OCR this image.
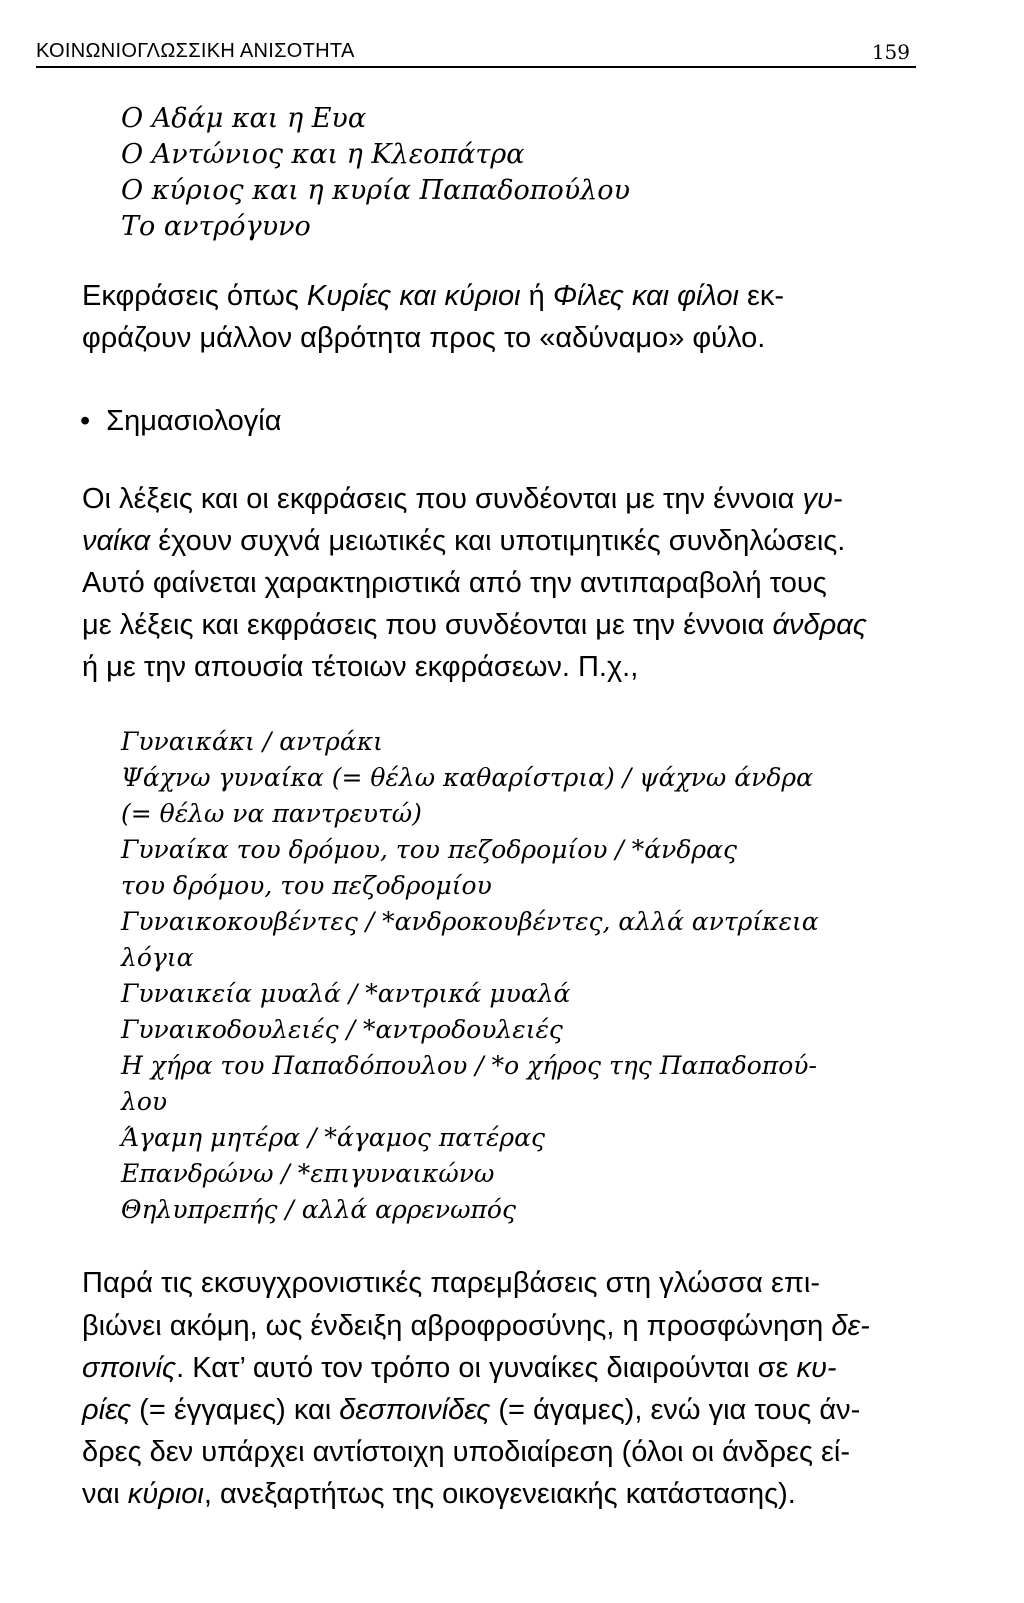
ΚΟΙΝΩΝΙΟΓΛΩΣΣΙΚΗ ΑΝΙΣΟΤΗΤΑ	159
Ο Αδάμ και η Ευα
Ο Αντώνιος και η Κλεοπάτρα
Ο κύριος και η κυρία Παπαδοπούλου
Το αντρόγυνο
Εκφράσεις όπως Κυρίες και κύριοι ή Φίλες και φίλοι εκ-
φράζουν μάλλον αβρότητα προς το «αδύναμο» φύλο.
• Σημασιολογία
Οι λέξεις και οι εκφράσεις που συνδέονται με την έννοια γυ-
ναίκα έχουν συχνά μειωτικές και υποτιμητικές συνδηλώσεις.
Αυτό φαίνεται χαρακτηριστικά από την αντιπαραβολή τους
με λέξεις και εκφράσεις που συνδέονται με την έννοια άνδρας
ή με την απουσία τέτοιων εκφράσεων. Π.χ.,
Γυναικάκι / αντράκι
Ψάχνω γυναίκα (= θέλω καθαρίστρια) / ψάχνω άνδρα
(= θέλω να παντρευτώ)
Γυναίκα του δρόμου, του πεζοδρομίου / *άνδρας
του δρόμου, του πεζοδρομίου
Γυναικοκουβέντες / *ανδροκουβέντες, αλλά αντρίκεια
λόγια
Γυναικεία μυαλά / *αντρικά μυαλά
Γυναικοδουλειές / *αντροδουλειές
Η χήρα του Παπαδόπουλου / *ο χήρος της Παπαδοπού-
λου
Άγαμη μητέρα / *άγαμος πατέρας
Επανδρώνω / *επιγυναικώνω
Θηλυπρεπής / αλλά αρρενωπός
Παρά τις εκσυγχρονιστικές παρεμβάσεις στη γλώσσα επι-
βιώνει ακόμη, ως ένδειξη αβροφροσύνης, η προσφώνηση δε-
σποινίς. Κατ’ αυτό τον τρόπο οι γυναίκες διαιρούνται σε κυ-
ρίες (= έγγαμες) και δεσποινίδες (= άγαμες), ενώ για τους άν-
δρες δεν υπάρχει αντίστοιχη υποδιαίρεση (όλοι οι άνδρες εί-
ναι κύριοι, ανεξαρτήτως της οικογενειακής κατάστασης).
